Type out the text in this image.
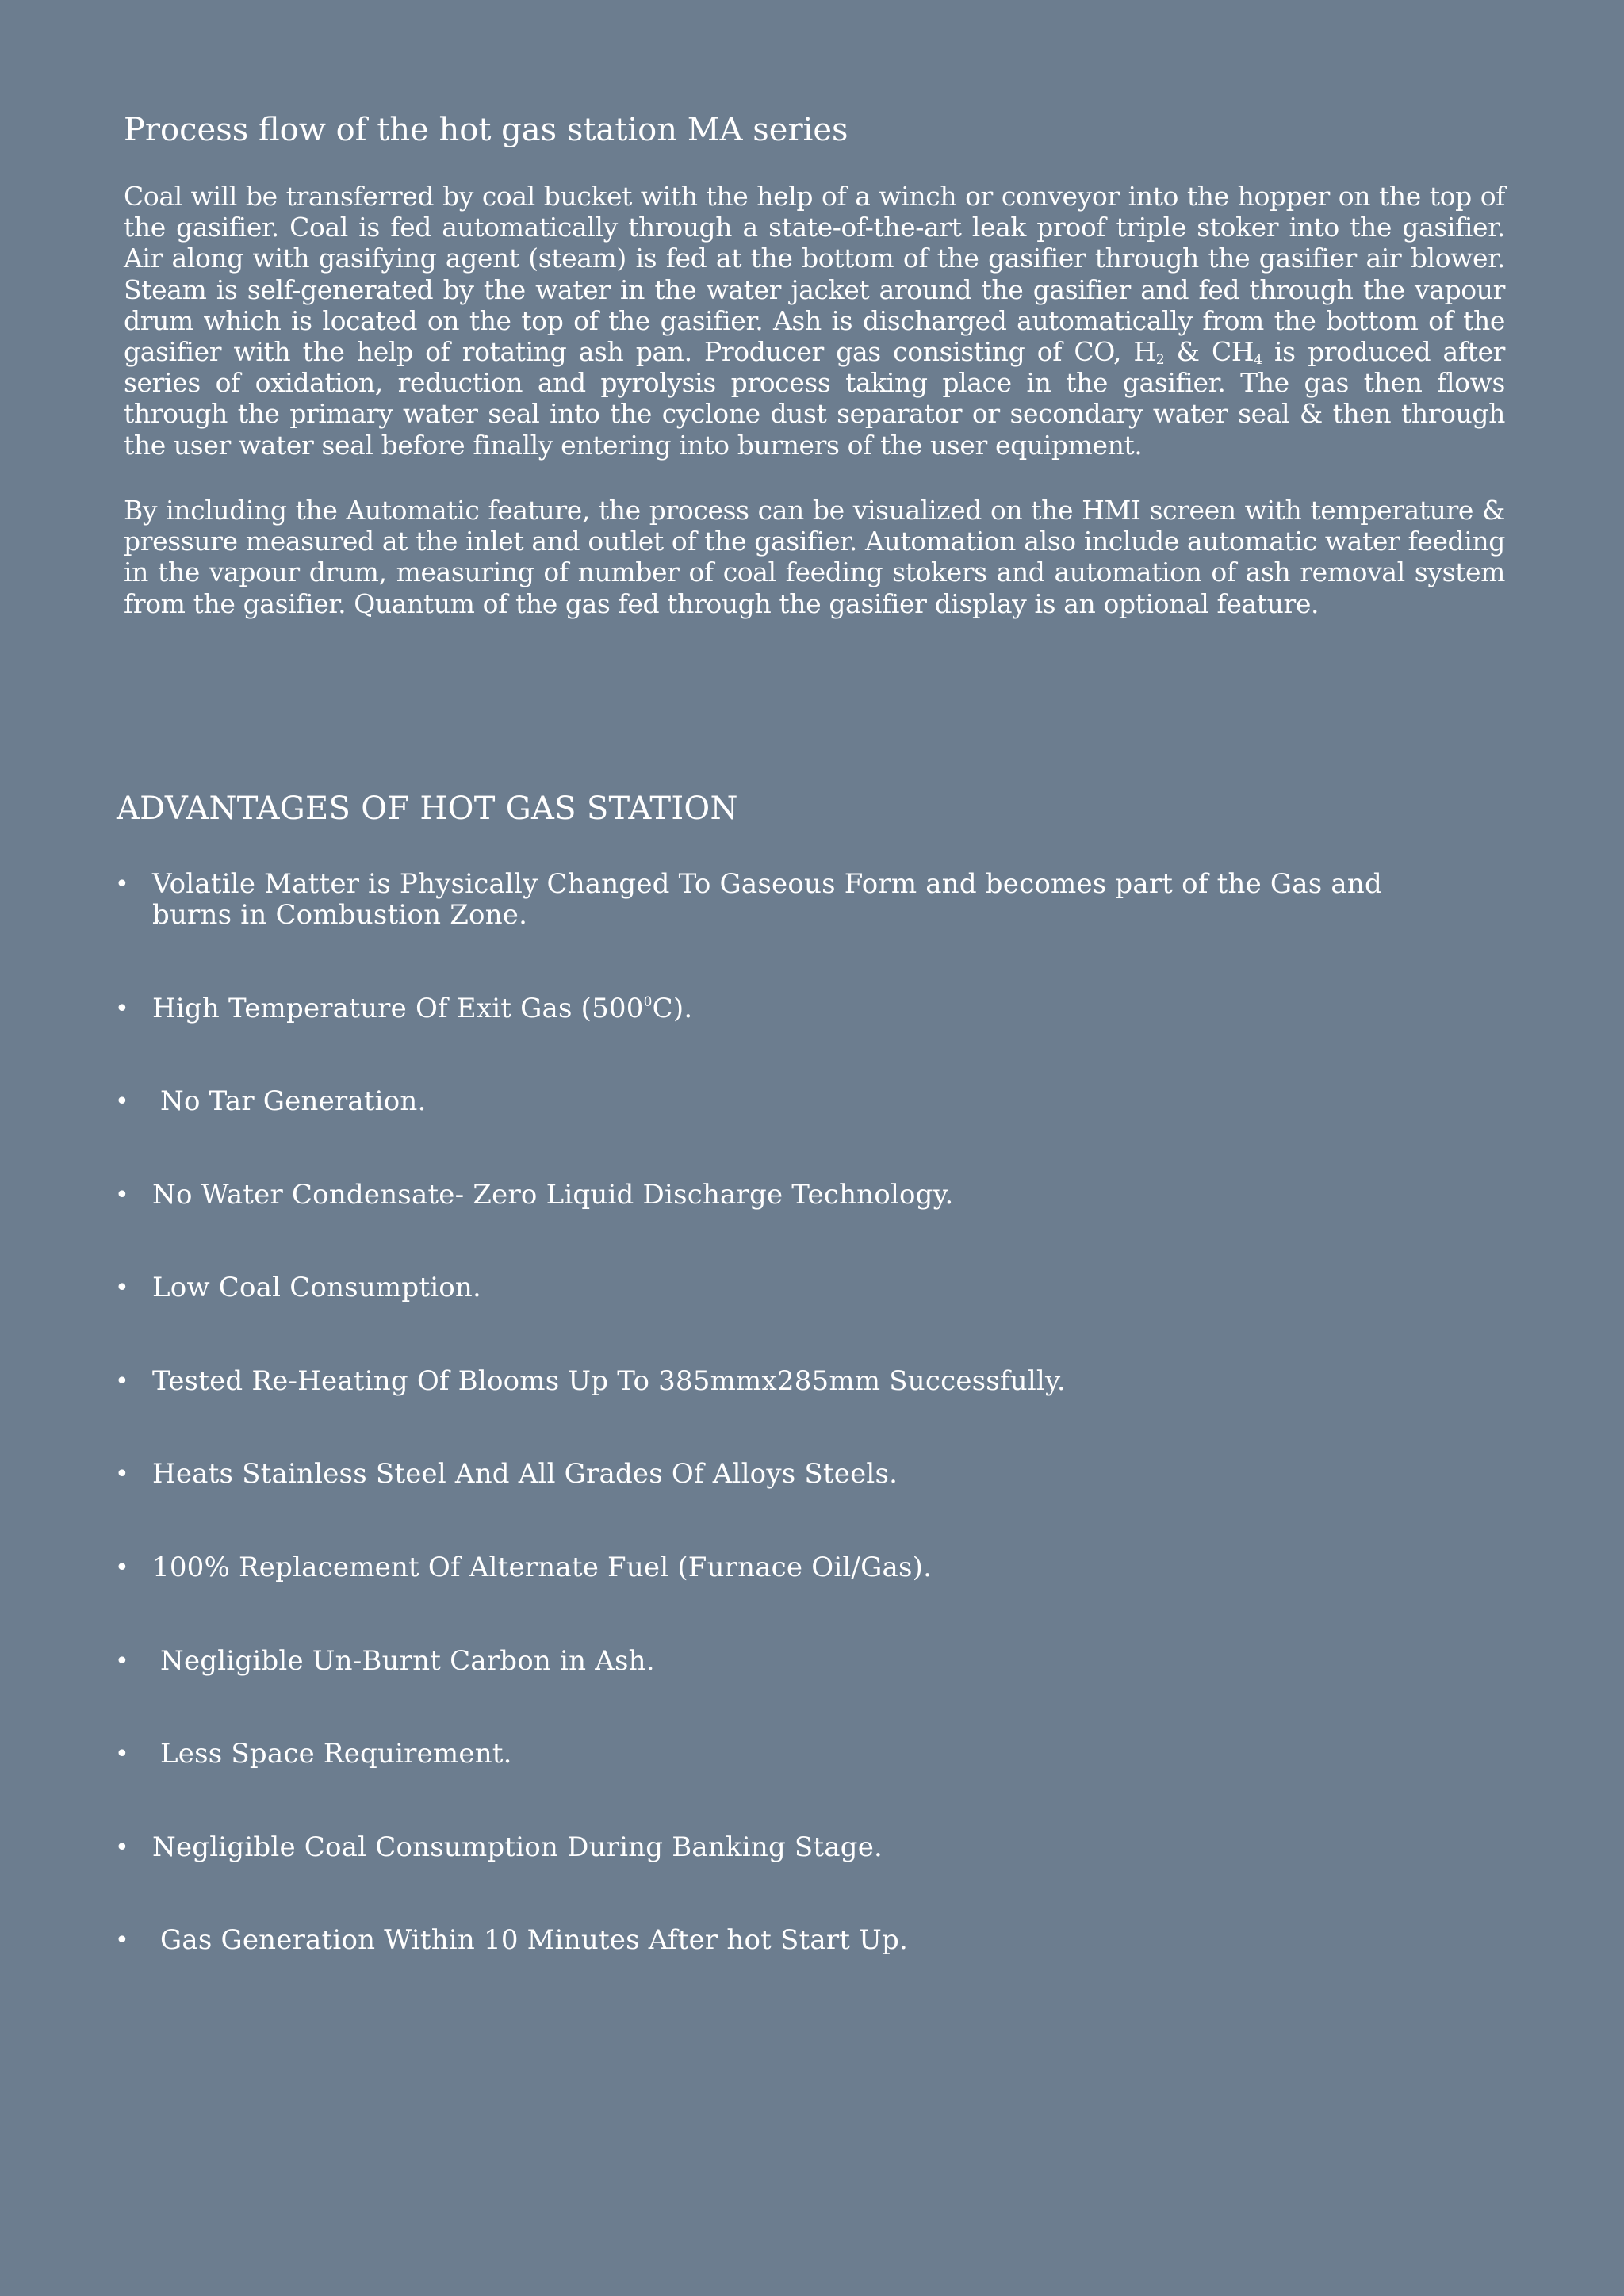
Process flow of the hot gas station MA series

Coal will be transferred by coal bucket with the help of a winch or conveyor into the hopper on the top of the gasifier. Coal is fed automatically through a state-of-the-art leak proof triple stoker into the gasifier. Air along with gasifying agent (steam) is fed at the bottom of the gasifier through the gasifier air blower. Steam is self-generated by the water in the water jacket around the gasifier and fed through the vapour drum which is located on the top of the gasifier. Ash is discharged automatically from the bottom of the gasifier with the help of rotating ash pan. Producer gas consisting of CO, $H_2$ & $CH_4$ is produced after series of oxidation, reduction and pyrolysis process taking place in the gasifier. The gas then flows through the primary water seal into the cyclone dust separator or secondary water seal & then through the user water seal before finally entering into burners of the user equipment.

By including the Automatic feature, the process can be visualized on the HMI screen with temperature & pressure measured at the inlet and outlet of the gasifier. Automation also include automatic water feeding in the vapour drum, measuring of number of coal feeding stokers and automation of ash removal system from the gasifier. Quantum of the gas fed through the gasifier display is an optional feature.

ADVANTAGES OF HOT GAS STATION
• Volatile Matter is Physically Changed To Gaseous Form and becomes part of the Gas and burns in Combustion Zone.
• High Temperature Of Exit Gas $(500^0C)$.
• No Tar Generation.
• No Water Condensate- Zero Liquid Discharge Technology.
• Low Coal Consumption.
• Tested Re-Heating Of Blooms Up To 385mmx285mm Successfully.
• Heats Stainless Steel And All Grades Of Alloys Steels.
• 100% Replacement Of Alternate Fuel (Furnace Oil/Gas).
• Negligible Un-Burnt Carbon in Ash.
• Less Space Requirement.
• Negligible Coal Consumption During Banking Stage.
• Gas Generation Within 10 Minutes After hot Start Up.
